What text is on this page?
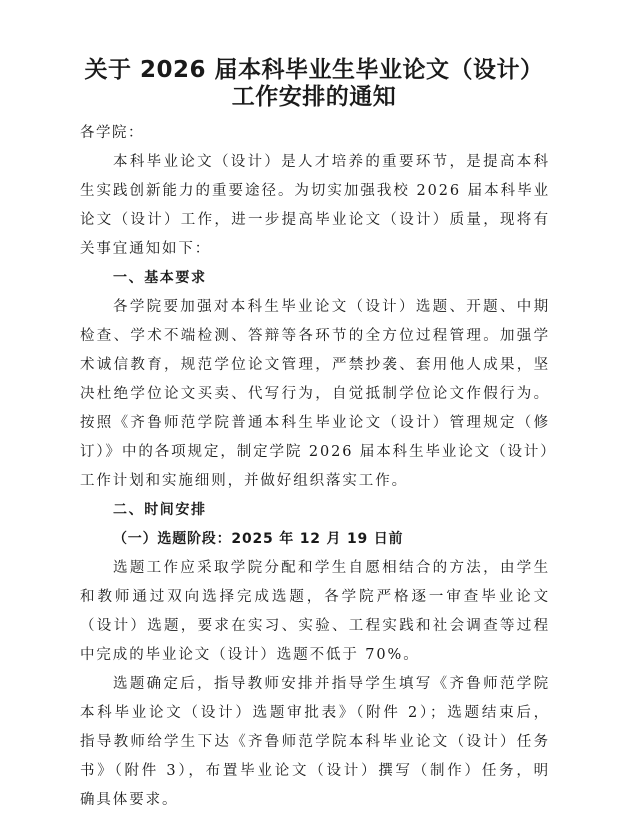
关于 2026 届本科毕业生毕业论文（设计）
工作安排的通知
各学院：
本科毕业论文（设计）是人才培养的重要环节，是提高本科
生实践创新能力的重要途径。为切实加强我校 2026 届本科毕业
论文（设计）工作，进一步提高毕业论文（设计）质量，现将有
关事宜通知如下：
一、基本要求
各学院要加强对本科生毕业论文（设计）选题、开题、中期
检查、学术不端检测、答辩等各环节的全方位过程管理。加强学
术诚信教育，规范学位论文管理，严禁抄袭、套用他人成果，坚
决杜绝学位论文买卖、代写行为，自觉抵制学位论文作假行为。
按照《齐鲁师范学院普通本科生毕业论文（设计）管理规定（修
订）》中的各项规定，制定学院 2026 届本科生毕业论文（设计）
工作计划和实施细则，并做好组织落实工作。
二、时间安排
（一）选题阶段：2025 年 12 月 19 日前
选题工作应采取学院分配和学生自愿相结合的方法，由学生
和教师通过双向选择完成选题，各学院严格逐一审查毕业论文
（设计）选题，要求在实习、实验、工程实践和社会调查等过程
中完成的毕业论文（设计）选题不低于 70%。
选题确定后，指导教师安排并指导学生填写《齐鲁师范学院
本科毕业论文（设计）选题审批表》（附件 2）；选题结束后，
指导教师给学生下达《齐鲁师范学院本科毕业论文（设计）任务
书》（附件 3），布置毕业论文（设计）撰写（制作）任务，明
确具体要求。
